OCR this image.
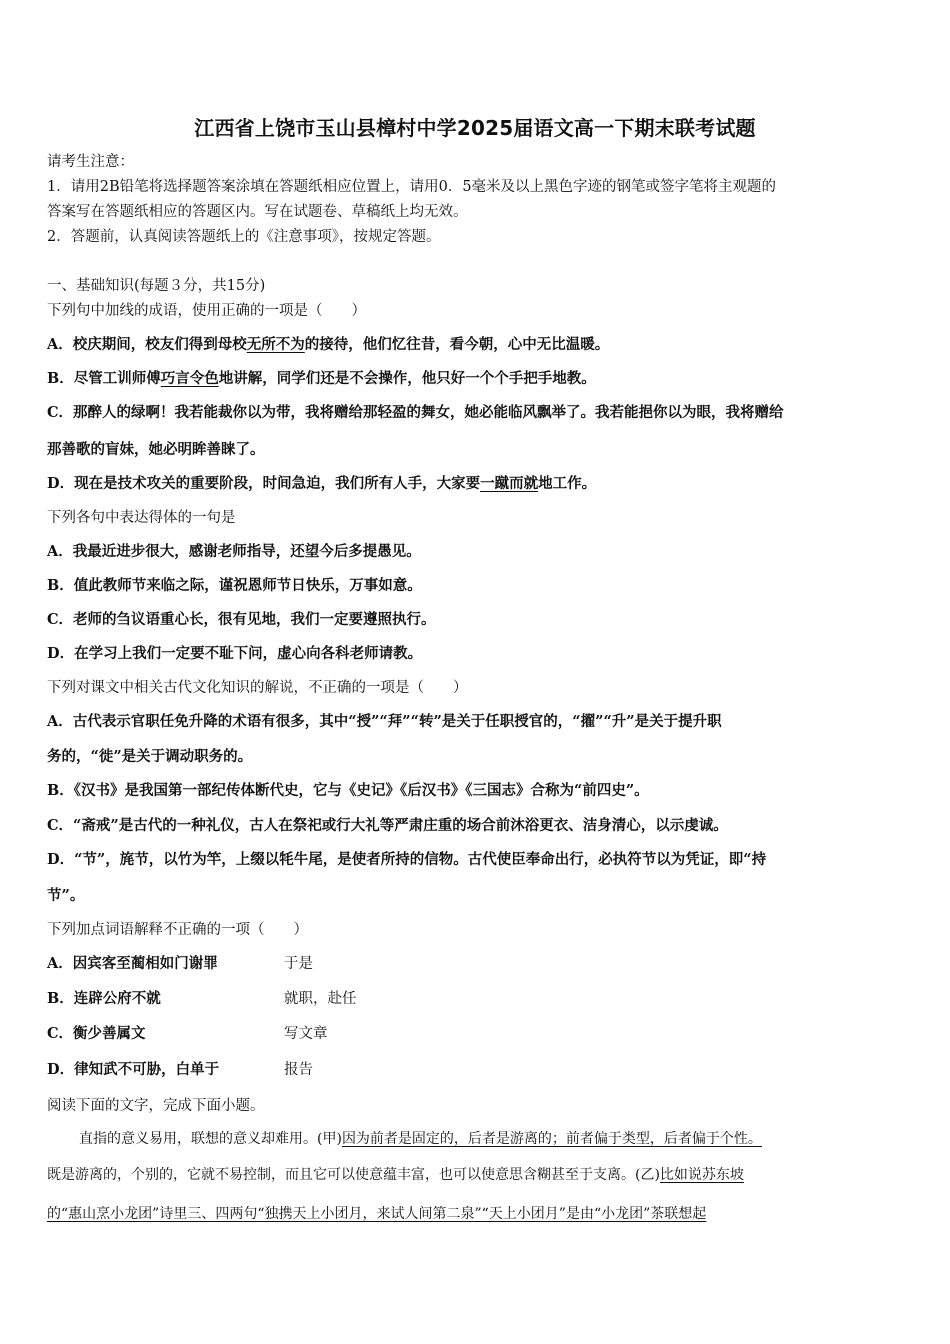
江西省上饶市玉山县樟村中学2025届语文高一下期末联考试题
请考生注意：
1．请用2B铅笔将选择题答案涂填在答题纸相应位置上，请用0．5毫米及以上黑色字迹的钢笔或签字笔将主观题的
答案写在答题纸相应的答题区内。写在试题卷、草稿纸上均无效。
2．答题前，认真阅读答题纸上的《注意事项》，按规定答题。
一、基础知识(每题３分，共15分)
下列句中加线的成语，使用正确的一项是（　　）
A．校庆期间，校友们得到母校无所不为的接待，他们忆往昔，看今朝，心中无比温暖。
B．尽管工训师傅巧言令色地讲解，同学们还是不会操作，他只好一个个手把手地教。
C．那醉人的绿啊！我若能裁你以为带，我将赠给那轻盈的舞女，她必能临风飘举了。我若能挹你以为眼，我将赠给
那善歌的盲妹，她必明眸善睐了。
D．现在是技术攻关的重要阶段，时间急迫，我们所有人手，大家要一蹴而就地工作。
下列各句中表达得体的一句是
A．我最近进步很大，感谢老师指导，还望今后多提愚见。
B．值此教师节来临之际，谨祝恩师节日快乐，万事如意。
C．老师的刍议语重心长，很有见地，我们一定要遵照执行。
D．在学习上我们一定要不耻下问，虚心向各科老师请教。
下列对课文中相关古代文化知识的解说，不正确的一项是（　　）
A．古代表示官职任免升降的术语有很多，其中“授”“拜”“转”是关于任职授官的，“擢”“升”是关于提升职
务的，“徙”是关于调动职务的。
B．《汉书》是我国第一部纪传体断代史，它与《史记》《后汉书》《三国志》合称为“前四史”。
C．“斋戒”是古代的一种礼仪，古人在祭祀或行大礼等严肃庄重的场合前沐浴更衣、洁身清心，以示虔诚。
D．“节”，旄节，以竹为竿，上缀以牦牛尾，是使者所持的信物。古代使臣奉命出行，必执符节以为凭证，即“持
节”。
下列加点词语解释不正确的一项（　　）
A．因宾客至蔺相如门谢罪	于是
B．连辟公府不就	就职，赴任
C．衡少善属文	写文章
D．律知武不可胁，白单于	报告
阅读下面的文字，完成下面小题。
直指的意义易用，联想的意义却难用。(甲)因为前者是固定的，后者是游离的；前者偏于类型，后者偏于个性。
既是游离的，个别的，它就不易控制，而且它可以使意蕴丰富，也可以使意思含糊甚至于支离。(乙)比如说苏东坡
的“惠山烹小龙团”诗里三、四两句“独携天上小团月，来试人间第二泉”“天上小团月”是由“小龙团”茶联想起
